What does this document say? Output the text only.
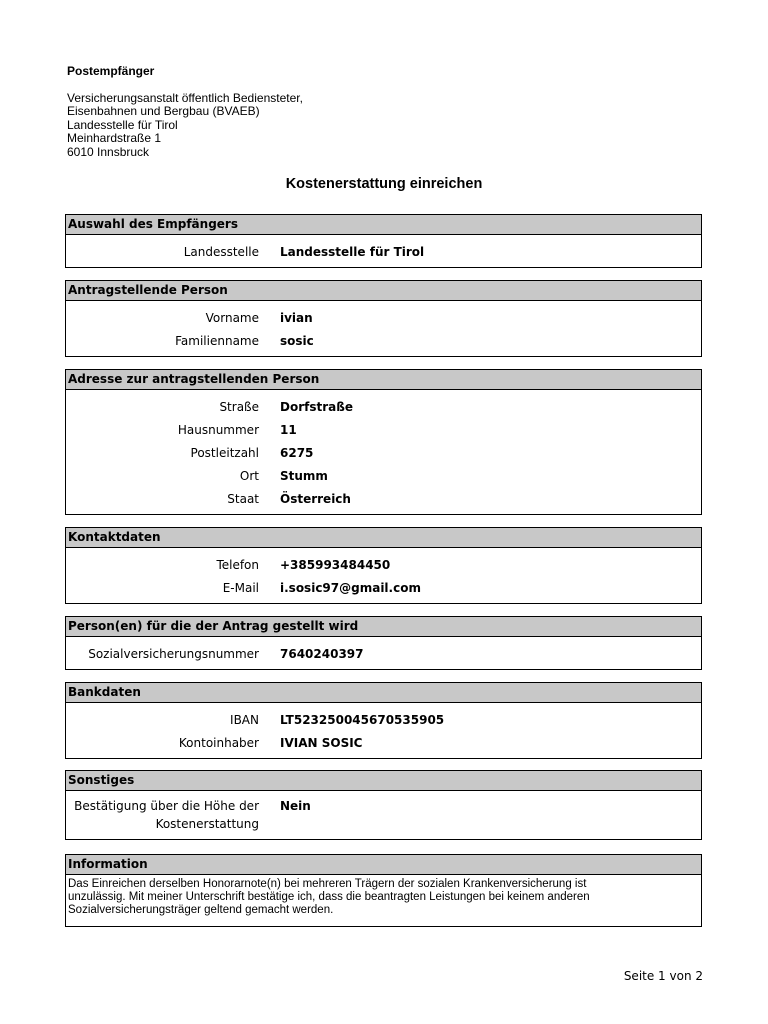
Postempfänger
Versicherungsanstalt öffentlich Bediensteter,
Eisenbahnen und Bergbau (BVAEB)
Landesstelle für Tirol
Meinhardstraße 1
6010 Innsbruck
Kostenerstattung einreichen
Auswahl des Empfängers
Landesstelle Landesstelle für Tirol
Antragstellende Person
Vorname ivian
Familienname sosic
Adresse zur antragstellenden Person
Straße Dorfstraße
Hausnummer 11
Postleitzahl 6275
Ort Stumm
Staat Österreich
Kontaktdaten
Telefon +385993484450
E-Mail i.sosic97@gmail.com
Person(en) für die der Antrag gestellt wird
Sozialversicherungsnummer 7640240397
Bankdaten
IBAN LT523250045670535905
Kontoinhaber IVIAN SOSIC
Sonstiges
Bestätigung über die Höhe der
Kostenerstattung
Nein
Information
Das Einreichen derselben Honorarnote(n) bei mehreren Trägern der sozialen Krankenversicherung ist
unzulässig. Mit meiner Unterschrift bestätige ich, dass die beantragten Leistungen bei keinem anderen
Sozialversicherungsträger geltend gemacht werden.
Seite 1 von 2
